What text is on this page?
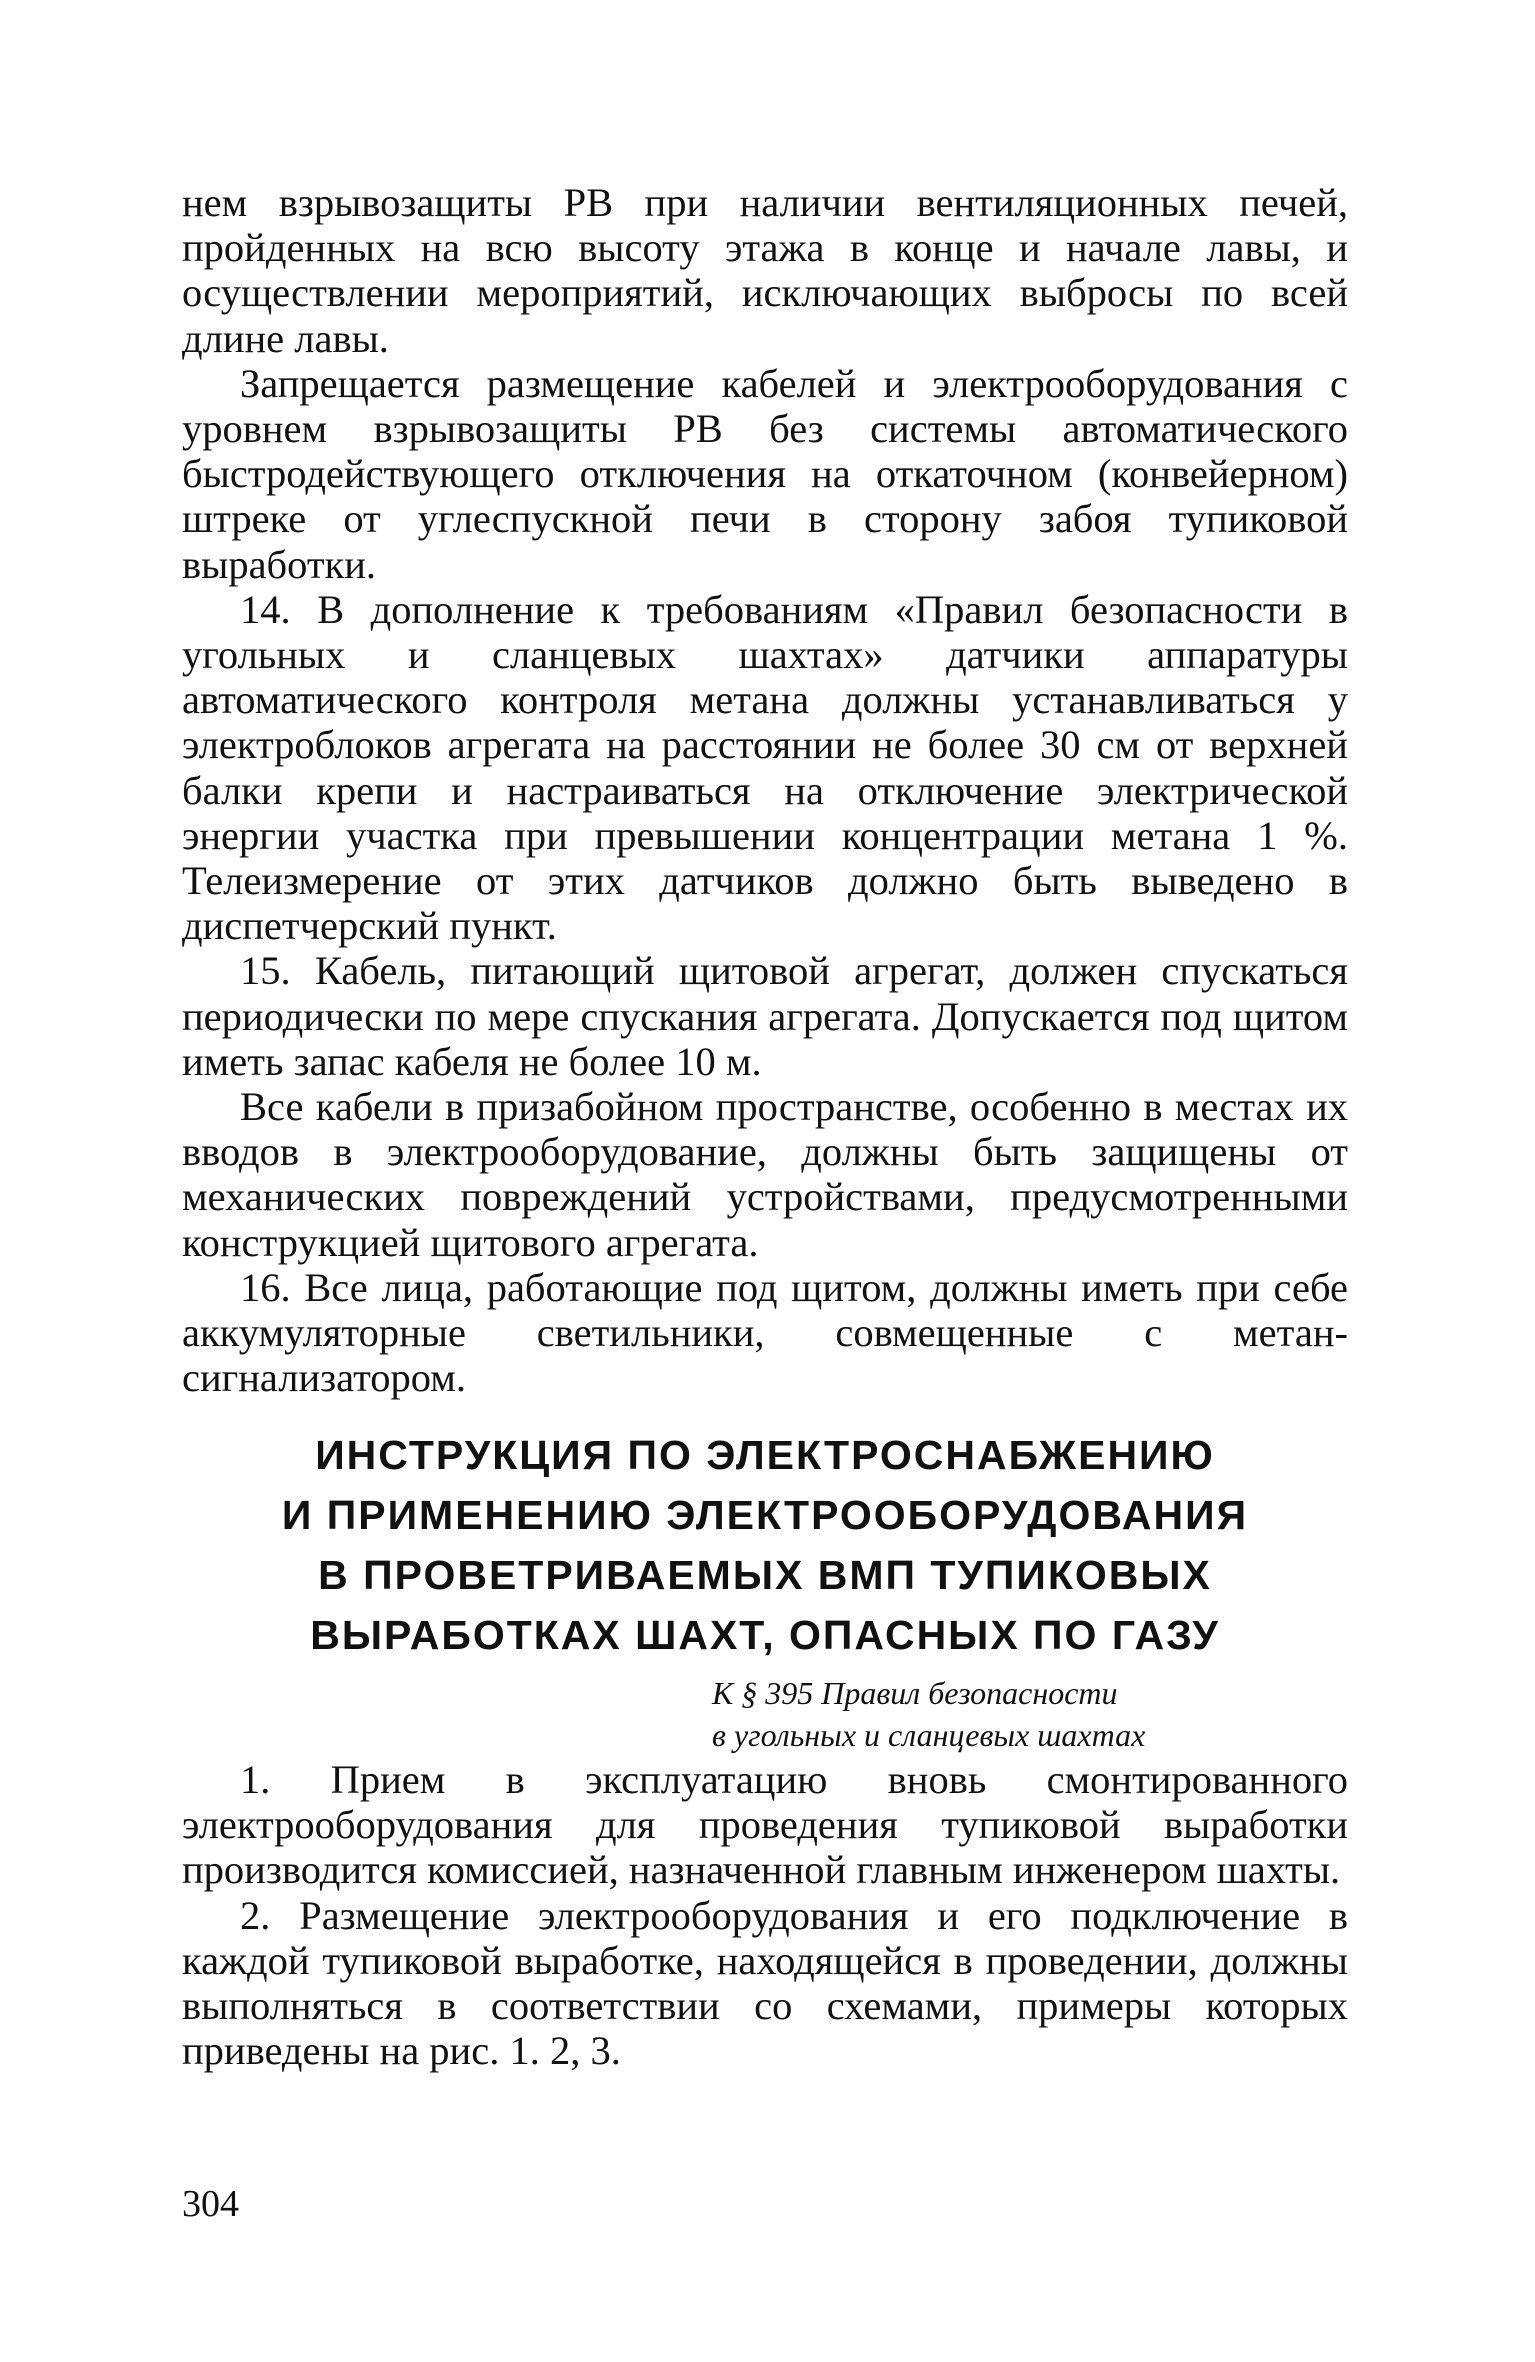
нем взрывозащиты РВ при наличии вентиляционных печей, пройденных на всю высоту этажа в конце и начале лавы, и осуществлении мероприятий, исключающих выбросы по всей длине лавы.

Запрещается размещение кабелей и электрооборудования с уровнем взрывозащиты РВ без системы автоматического быстродействующего отключения на откаточном (конвейерном) штреке от углеспускной печи в сторону забоя тупиковой выработки.

14. В дополнение к требованиям «Правил безопасности в угольных и сланцевых шахтах» датчики аппаратуры автоматического контроля метана должны устанавливаться у электроблоков агрегата на расстоянии не более 30 см от верхней балки крепи и настраиваться на отключение электрической энергии участка при превышении концентрации метана 1 %. Телеизмерение от этих датчиков должно быть выведено в диспетчерский пункт.

15. Кабель, питающий щитовой агрегат, должен спускаться периодически по мере спускания агрегата. Допускается под щитом иметь запас кабеля не более 10 м.

Все кабели в призабойном пространстве, особенно в местах их вводов в электрооборудование, должны быть защищены от механических повреждений устройствами, предусмотренными конструкцией щитового агрегата.

16. Все лица, работающие под щитом, должны иметь при себе аккумуляторные светильники, совмещенные с метан-сигнализатором.

ИНСТРУКЦИЯ ПО ЭЛЕКТРОСНАБЖЕНИЮ
И ПРИМЕНЕНИЮ ЭЛЕКТРООБОРУДОВАНИЯ
В ПРОВЕТРИВАЕМЫХ ВМП ТУПИКОВЫХ
ВЫРАБОТКАХ ШАХТ, ОПАСНЫХ ПО ГАЗУ
К § 395 Правил безопасности
в угольных и сланцевых шахтах

1. Прием в эксплуатацию вновь смонтированного электрооборудования для проведения тупиковой выработки производится комиссией, назначенной главным инженером шахты.

2. Размещение электрооборудования и его подключение в каждой тупиковой выработке, находящейся в проведении, должны выполняться в соответствии со схемами, примеры которых приведены на рис. 1. 2, 3.

304
